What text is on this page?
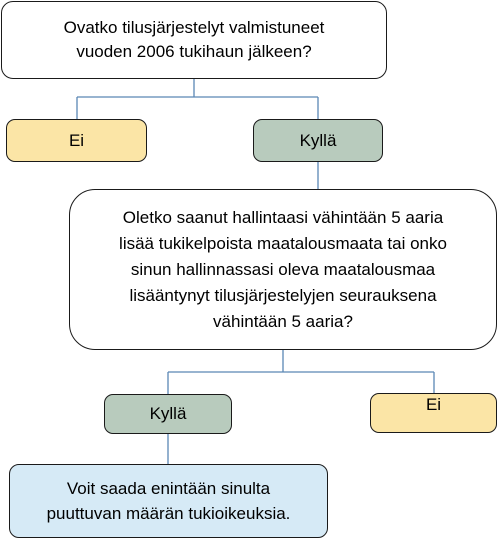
Ovatko tilusjärjestelyt valmistuneet
vuoden 2006 tukihaun jälkeen?
Ei	Kyllä
Oletko saanut hallintaasi vähintään 5 aaria
lisää tukikelpoista maatalousmaata tai onko
sinun hallinnassasi oleva maatalousmaa
lisääntynyt tilusjärjestelyjen seurauksena
vähintään 5 aaria?
Kyllä	Ei
Voit saada enintään sinulta
puuttuvan määrän tukioikeuksia.
